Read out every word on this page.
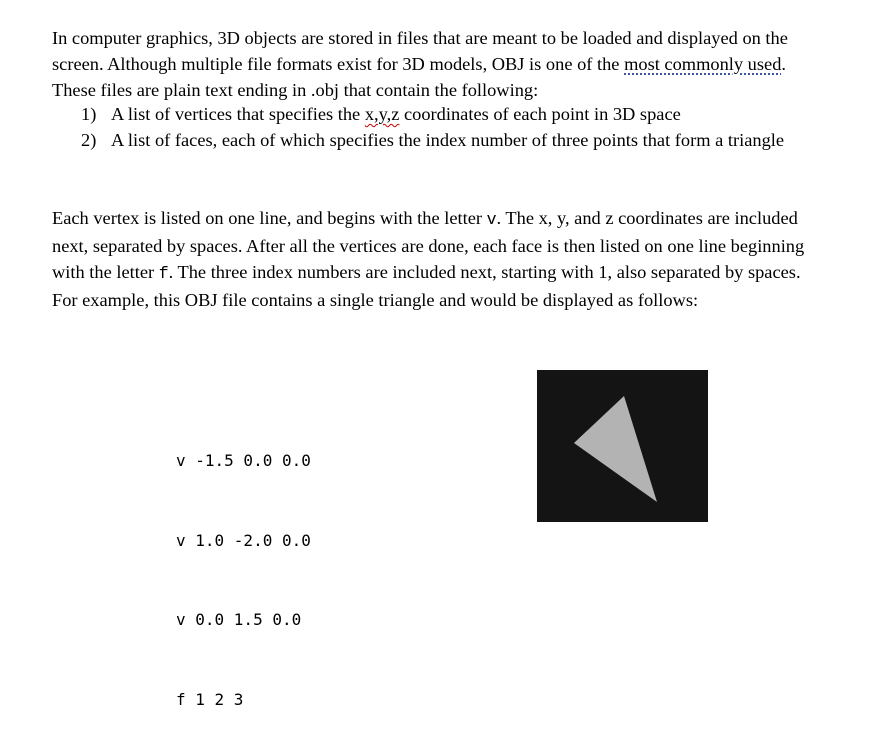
In computer graphics, 3D objects are stored in files that are meant to be loaded and displayed on the screen. Although multiple file formats exist for 3D models, OBJ is one of the most commonly used. These files are plain text ending in .obj that contain the following:

1) A list of vertices that specifies the x,y,z coordinates of each point in 3D space
2) A list of faces, each of which specifies the index number of three points that form a triangle

Each vertex is listed on one line, and begins with the letter v. The x, y, and z coordinates are included next, separated by spaces. After all the vertices are done, each face is then listed on one line beginning with the letter f. The three index numbers are included next, starting with 1, also separated by spaces. For example, this OBJ file contains a single triangle and would be displayed as follows:

v -1.5 0.0 0.0

v 1.0 -2.0 0.0

v 0.0 1.5 0.0

f 1 2 3
